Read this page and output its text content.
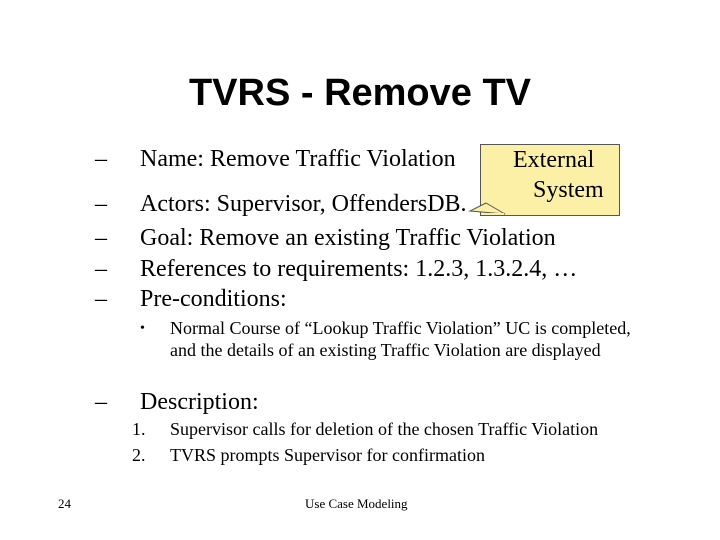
TVRS - Remove TV
External
System
– Name: Remove Traffic Violation
– Actors: Supervisor, OffendersDB.
– Goal: Remove an existing Traffic Violation
– References to requirements: 1.2.3, 1.3.2.4, …
– Pre-conditions:
• Normal Course of “Lookup Traffic Violation” UC is completed, and the details of an existing Traffic Violation are displayed
– Description:
1. Supervisor calls for deletion of the chosen Traffic Violation
2. TVRS prompts Supervisor for confirmation
24	Use Case Modeling
